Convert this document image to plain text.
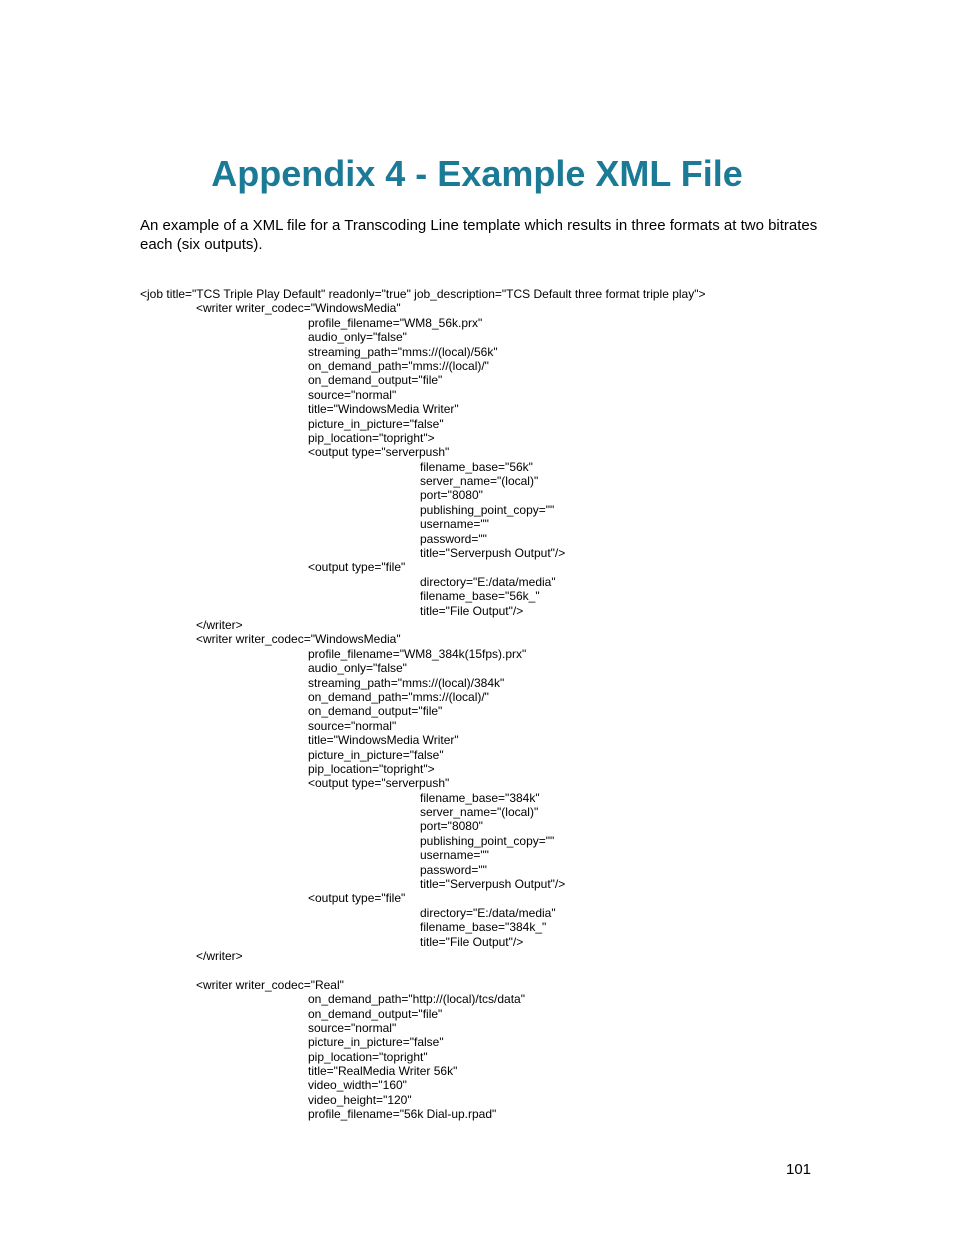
Appendix 4 - Example XML File

An example of a XML file for a Transcoding Line template which results in three formats at two bitrates each (six outputs).

<job title="TCS Triple Play Default" readonly="true" job_description="TCS Default three format triple play">
<writer writer_codec="WindowsMedia"
profile_filename="WM8_56k.prx"
audio_only="false"
streaming_path="mms://(local)/56k"
on_demand_path="mms://(local)/"
on_demand_output="file"
source="normal"
title="WindowsMedia Writer"
picture_in_picture="false"
pip_location="topright">
<output type="serverpush"
filename_base="56k"
server_name="(local)"
port="8080"
publishing_point_copy=""
username=""
password=""
title="Serverpush Output"/>
<output type="file"
directory="E:/data/media"
filename_base="56k_"
title="File Output"/>
</writer>
<writer writer_codec="WindowsMedia"
profile_filename="WM8_384k(15fps).prx"
audio_only="false"
streaming_path="mms://(local)/384k"
on_demand_path="mms://(local)/"
on_demand_output="file"
source="normal"
title="WindowsMedia Writer"
picture_in_picture="false"
pip_location="topright">
<output type="serverpush"
filename_base="384k"
server_name="(local)"
port="8080"
publishing_point_copy=""
username=""
password=""
title="Serverpush Output"/>
<output type="file"
directory="E:/data/media"
filename_base="384k_"
title="File Output"/>
</writer>
<writer writer_codec="Real"
on_demand_path="http://(local)/tcs/data"
on_demand_output="file"
source="normal"
picture_in_picture="false"
pip_location="topright"
title="RealMedia Writer 56k"
video_width="160"
video_height="120"
profile_filename="56k Dial-up.rpad"
101
